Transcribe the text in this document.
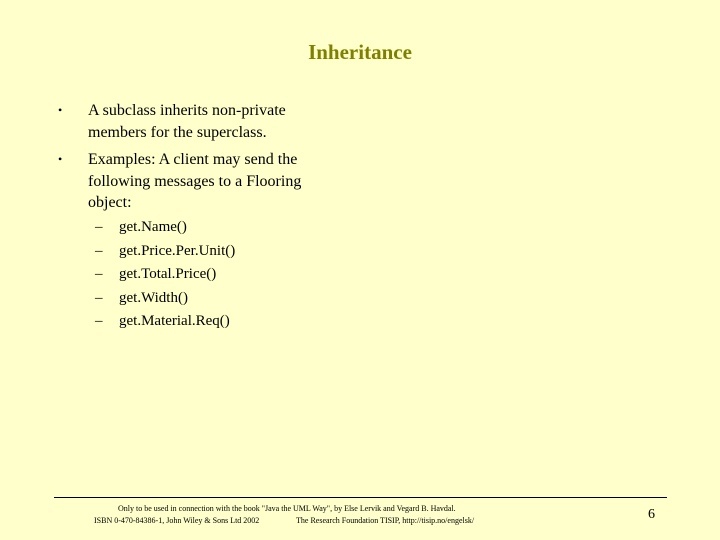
Inheritance
• A subclass inherits non-private members for the superclass.
• Examples: A client may send the following messages to a Flooring object:
– get.Name()
– get.Price.Per.Unit()
– get.Total.Price()
– get.Width()
– get.Material.Req()
Only to be used in connection with the book "Java the UML Way", by Else Lervik and Vegard B. Havdal.
ISBN 0-470-84386-1, John Wiley & Sons Ltd 2002	The Research Foundation TISIP, http://tisip.no/engelsk/	6
